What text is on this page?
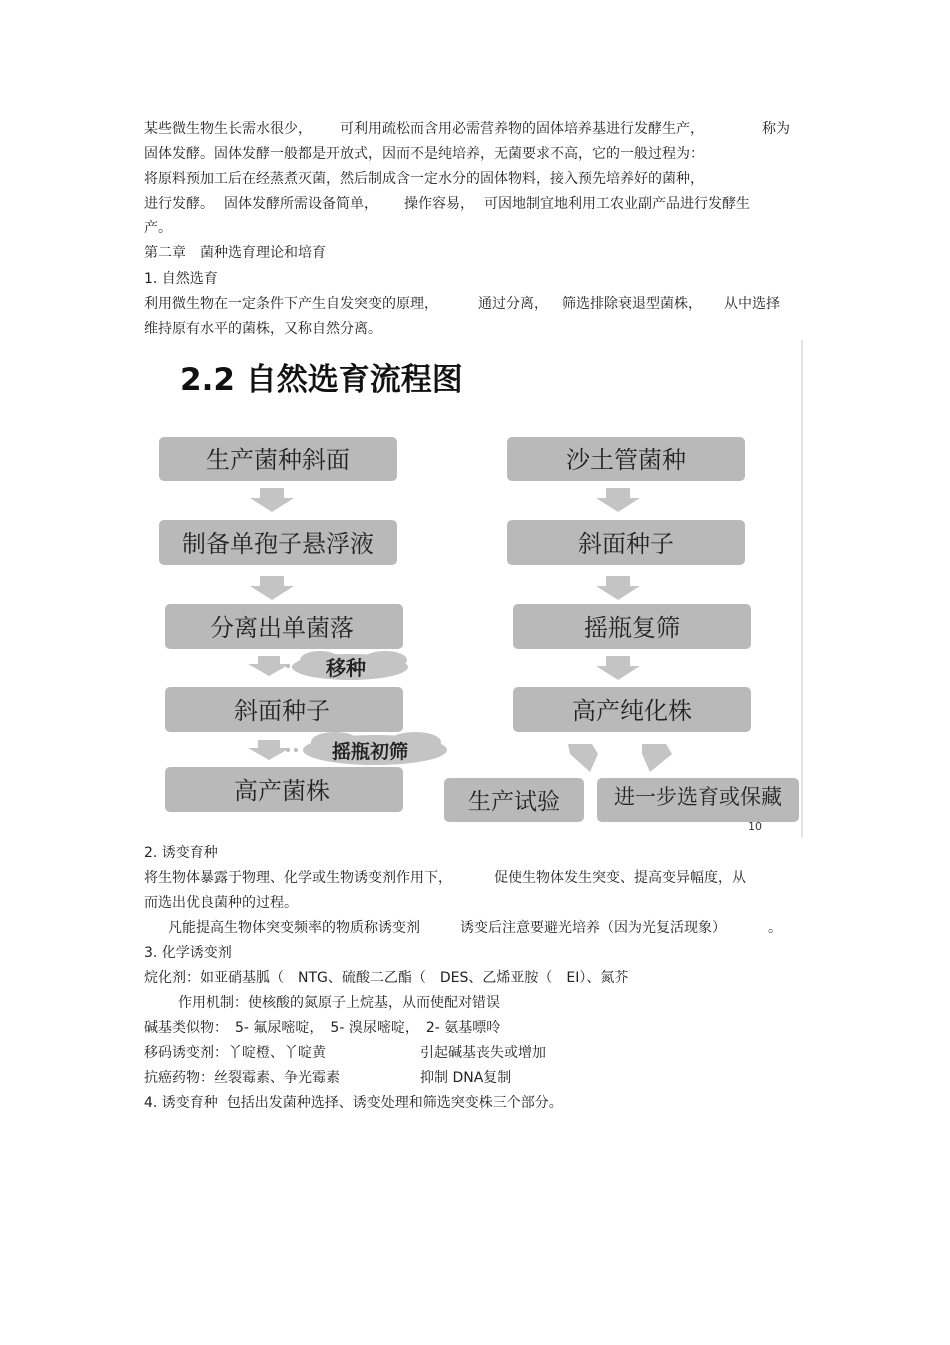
某些微生物生长需水很少， 可利用疏松而含用必需营养物的固体培养基进行发酵生产，	称为
固体发酵。固体发酵一般都是开放式，因而不是纯培养，无菌要求不高，它的一般过程为：
将原料预加工后在经蒸煮灭菌，然后制成含一定水分的固体物料，接入预先培养好的菌种，
进行发酵。 固体发酵所需设备简单， 操作容易， 可因地制宜地利用工农业副产品进行发酵生
产。
第二章　菌种选育理论和培育
1. 自然选育
利用微生物在一定条件下产生自发突变的原理，	通过分离， 筛选排除衰退型菌株， 从中选择
维持原有水平的菌株，又称自然分离。
2.2 自然选育流程图
生产菌种斜面
制备单孢子悬浮液
分离出单菌落
移种
斜面种子
摇瓶初筛
高产菌株
沙土管菌种
斜面种子
摇瓶复筛
高产纯化株
生产试验	进一步选育或保藏
10
2. 诱变育种
将生物体暴露于物理、化学或生物诱变剂作用下，	促使生物体发生突变、提高变异幅度，从
而选出优良菌种的过程。
凡能提高生物体突变频率的物质称诱变剂	诱变后注意要避光培养（因为光复活现象）	。
3. 化学诱变剂
烷化剂：如亚硝基胍（　NTG、硫酸二乙酯（　DES、乙烯亚胺（　EI）、氮芥
作用机制：使核酸的氮原子上烷基，从而使配对错误
碱基类似物：　5- 氟尿嘧啶，　5- 溴尿嘧啶，　2- 氨基嘌呤
移码诱变剂：丫啶橙、丫啶黄	引起碱基丧失或增加
抗癌药物：丝裂霉素、争光霉素	抑制 DNA复制
4. 诱变育种  包括出发菌种选择、诱变处理和筛选突变株三个部分。
